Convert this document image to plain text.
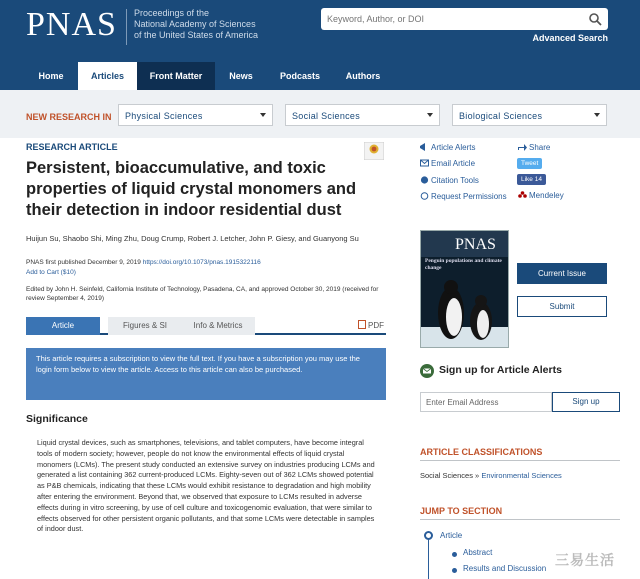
PNAS Proceedings of the
National Academy of Sciences
of the United States of America
Keyword, Author, or DOI	Advanced Search
Home	Articles	Front Matter	News	Podcasts	Authors
NEW RESEARCH IN	Physical Sciences	Social Sciences	Biological Sciences
RESEARCH ARTICLE
Persistent, bioaccumulative, and toxic properties of liquid crystal monomers and their detection in indoor residential dust
Huijun Su, Shaobo Shi, Ming Zhu, Doug Crump, Robert J. Letcher, John P. Giesy, and Guanyong Su
PNAS first published December 9, 2019 https://doi.org/10.1073/pnas.1915322116
Add to Cart ($10)
Edited by John H. Seinfeld, California Institute of Technology, Pasadena, CA, and approved October 30, 2019 (received for review September 4, 2019)
Article	Figures & SI	Info & Metrics	PDF
This article requires a subscription to view the full text. If you have a subscription you may use the login form below to view the article. Access to this article can also be purchased.
Significance
Liquid crystal devices, such as smartphones, televisions, and tablet computers, have become integral tools of modern society; however, people do not know the environmental effects of liquid crystal monomers (LCMs). The present study conducted an extensive survey on industries producing LCMs and generated a list containing 362 current-produced LCMs. Eighty-seven out of 362 LCMs showed potential as P&B chemicals, indicating that these LCMs would exhibit resistance to degradation and high mobility after entering the environment. Beyond that, we observed that exposure to LCMs resulted in adverse effects during in vitro screening, by use of cell culture and toxicogenomic evaluation, that were similar to effects observed for other persistent organic pollutants, and that some LCMs were detectable in samples of indoor dust.
Article Alerts
Email Article
Citation Tools
Request Permissions
Share
Tweet
Like 14
Mendeley
PNAS
Penguin populations and climate change
Current Issue
Submit
Sign up for Article Alerts
Enter Email Address	Sign up
ARTICLE CLASSIFICATIONS
Social Sciences » Environmental Sciences
JUMP TO SECTION
Article
Abstract
Results and Discussion
三易生活
